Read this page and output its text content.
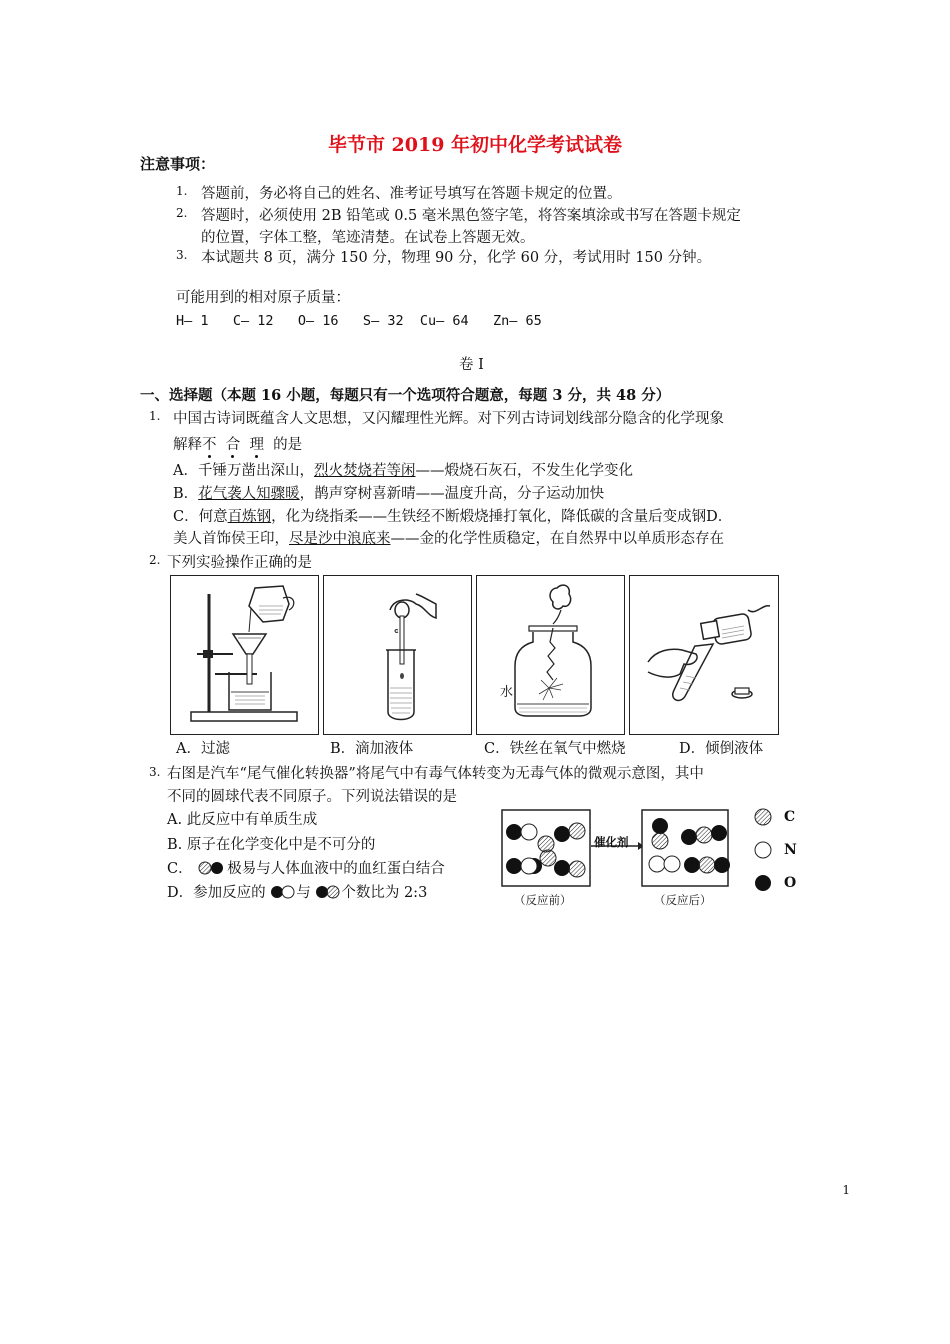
毕节市 2019 年初中化学考试试卷
注意事项：
1. 答题前，务必将自己的姓名、准考证号填写在答题卡规定的位置。
2. 答题时，必须使用 2B 铅笔或 0.5 毫米黑色签字笔，将答案填涂或书写在答题卡规定
的位置，字体工整，笔迹清楚。在试卷上答题无效。
3. 本试题共 8 页，满分 150 分，物理 90 分，化学 60 分，考试用时 150 分钟。
可能用到的相对原子质量：
H— 1   C— 12   O— 16   S— 32  Cu— 64   Zn— 65
卷 I
一、选择题（本题 16 小题，每题只有一个选项符合题意，每题 3 分，共 48 分）
1. 中国古诗词既蕴含人文思想，又闪耀理性光辉。对下列古诗词划线部分隐含的化学现象
解释不 合 理 的是
A．千锤万凿出深山，烈火焚烧若等闲——煅烧石灰石，不发生化学变化
B．花气袭人知骤暖，鹊声穿树喜新晴——温度升高，分子运动加快
C．何意百炼钢，化为绕指柔——生铁经不断煅烧捶打氧化，降低碳的含量后变成钢D．
美人首饰侯王印，尽是沙中浪底来——金的化学性质稳定，在自然界中以单质形态存在
2. 下列实验操作正确的是
水
A．过滤	B．滴加液体	C．铁丝在氧气中燃烧	D．倾倒液体
3. 右图是汽车“尾气催化转换器”将尾气中有毒气体转变为无毒气体的微观示意图，其中
不同的圆球代表不同原子。下列说法错误的是
A. 此反应中有单质生成
B. 原子在化学变化中是不可分的
C． 极易与人体血液中的血红蛋白结合
D．参加反应的 与 个数比为 2:3
催化剂
（反应前）	（反应后）
C
N
O
1
